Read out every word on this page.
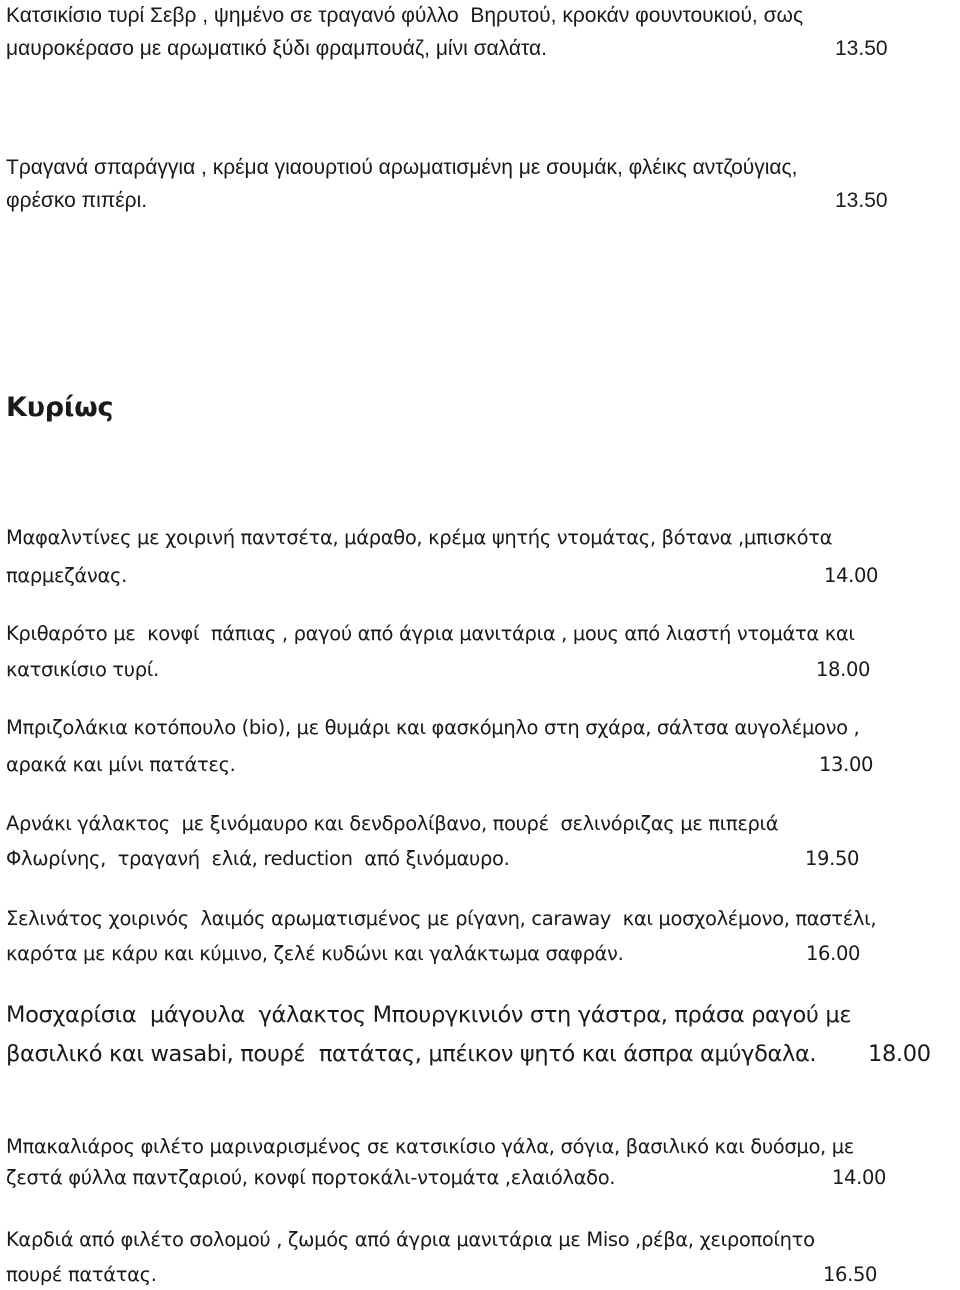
Κατσικίσιο τυρί Σεβρ , ψημένο σε τραγανό φύλλο  Βηρυτού, κροκάν φουντουκιού, σως
μαυροκέρασο με αρωματικό ξύδι φραμπουάζ, μίνι σαλάτα.	13.50
Τραγανά σπαράγγια , κρέμα γιαουρτιού αρωματισμένη με σουμάκ, φλέικς αντζούγιας,
φρέσκο πιπέρι.	13.50
Κυρίως
Μαφαλντίνες με χοιρινή παντσέτα, μάραθο, κρέμα ψητής ντομάτας, βότανα ,μπισκότα
παρμεζάνας.	14.00
Κριθαρότο με  κονφί  πάπιας , ραγού από άγρια μανιτάρια , μους από λιαστή ντομάτα και
κατσικίσιο τυρί.	18.00
Μπριζολάκια κοτόπουλο (bio), με θυμάρι και φασκόμηλο στη σχάρα, σάλτσα αυγολέμονο ,
αρακά και μίνι πατάτες.	13.00
Αρνάκι γάλακτος  με ξινόμαυρο και δενδρολίβανο, πουρέ  σελινόριζας με πιπεριά
Φλωρίνης,  τραγανή  ελιά, reduction  από ξινόμαυρο.	19.50
Σελινάτος χοιρινός  λαιμός αρωματισμένος με ρίγανη, caraway  και μοσχολέμονο, παστέλι,
καρότα με κάρυ και κύμινο, ζελέ κυδώνι και γαλάκτωμα σαφράν.	16.00
Μοσχαρίσια  μάγουλα  γάλακτος Μπουργκινιόν στη γάστρα, πράσα ραγού με
βασιλικό και wasabi, πουρέ  πατάτας, μπέικον ψητό και άσπρα αμύγδαλα. 18.00
Μπακαλιάρος φιλέτο μαριναρισμένος σε κατσικίσιο γάλα, σόγια, βασιλικό και δυόσμο, με
ζεστά φύλλα παντζαριού, κονφί πορτοκάλι-ντομάτα ,ελαιόλαδο.	14.00
Καρδιά από φιλέτο σολομού , ζωμός από άγρια μανιτάρια με Miso ,ρέβα, χειροπoίητο
πουρέ πατάτας.	16.50
